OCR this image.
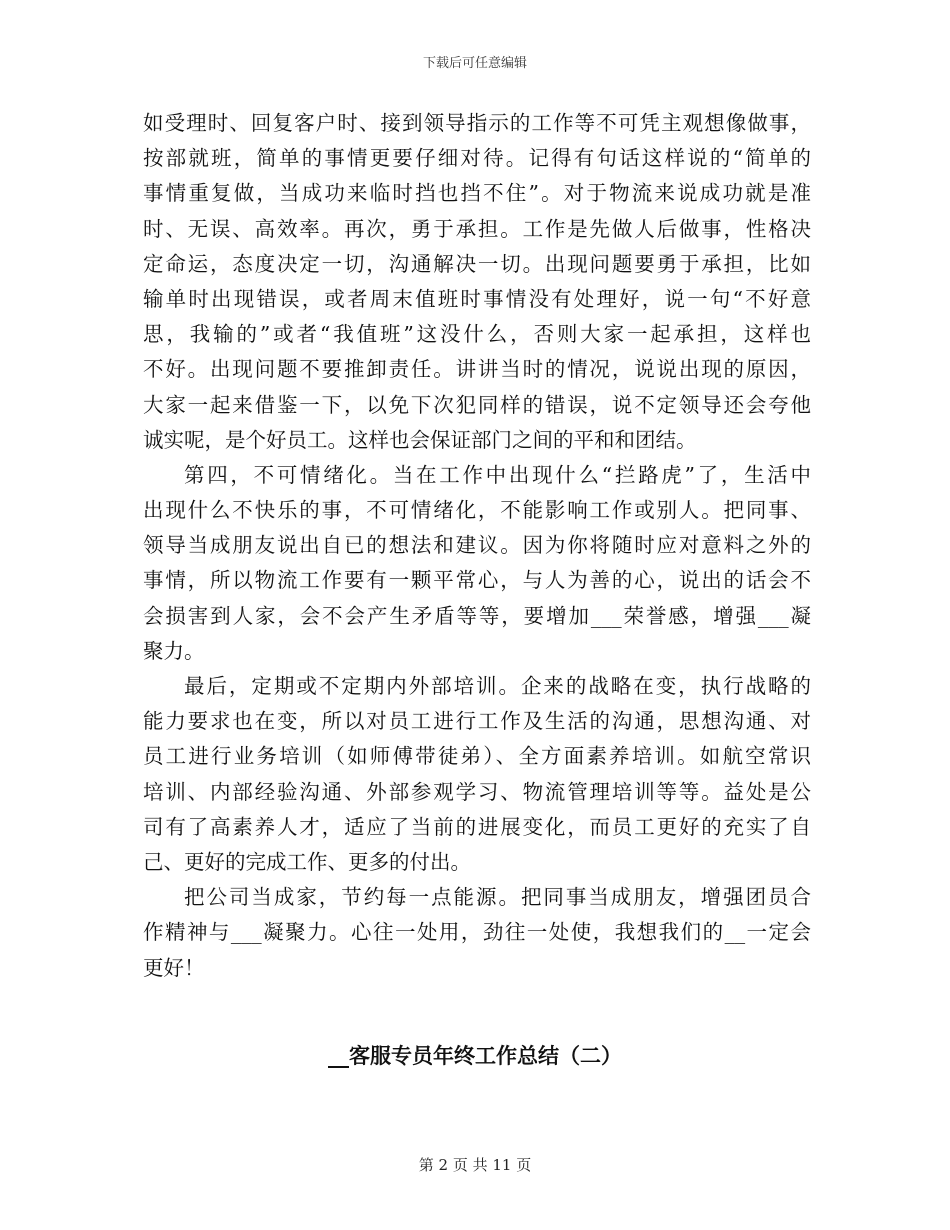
下载后可任意编辑
如受理时、回复客户时、接到领导指示的工作等不可凭主观想像做事，
按部就班，简单的事情更要仔细对待。记得有句话这样说的“简单的
事情重复做，当成功来临时挡也挡不住”。对于物流来说成功就是准
时、无误、高效率。再次，勇于承担。工作是先做人后做事，性格决
定命运，态度决定一切，沟通解决一切。出现问题要勇于承担，比如
输单时出现错误，或者周末值班时事情没有处理好，说一句“不好意
思，我输的”或者“我值班”这没什么，否则大家一起承担，这样也
不好。出现问题不要推卸责任。讲讲当时的情况，说说出现的原因，
大家一起来借鉴一下，以免下次犯同样的错误，说不定领导还会夸他
诚实呢，是个好员工。这样也会保证部门之间的平和和团结。
第四，不可情绪化。当在工作中出现什么“拦路虎”了，生活中
出现什么不快乐的事，不可情绪化，不能影响工作或别人。把同事、
领导当成朋友说出自已的想法和建议。因为你将随时应对意料之外的
事情，所以物流工作要有一颗平常心，与人为善的心，说出的话会不
会损害到人家，会不会产生矛盾等等，要增加___荣誉感，增强___凝
聚力。
最后，定期或不定期内外部培训。企来的战略在变，执行战略的
能力要求也在变，所以对员工进行工作及生活的沟通，思想沟通、对
员工进行业务培训（如师傅带徒弟）、全方面素养培训。如航空常识
培训、内部经验沟通、外部参观学习、物流管理培训等等。益处是公
司有了高素养人才，适应了当前的进展变化，而员工更好的充实了自
己、更好的完成工作、更多的付出。
把公司当成家，节约每一点能源。把同事当成朋友，增强团员合
作精神与___凝聚力。心往一处用，劲往一处使，我想我们的__一定会
更好！
__客服专员年终工作总结（二）
第 2 页 共 11 页
